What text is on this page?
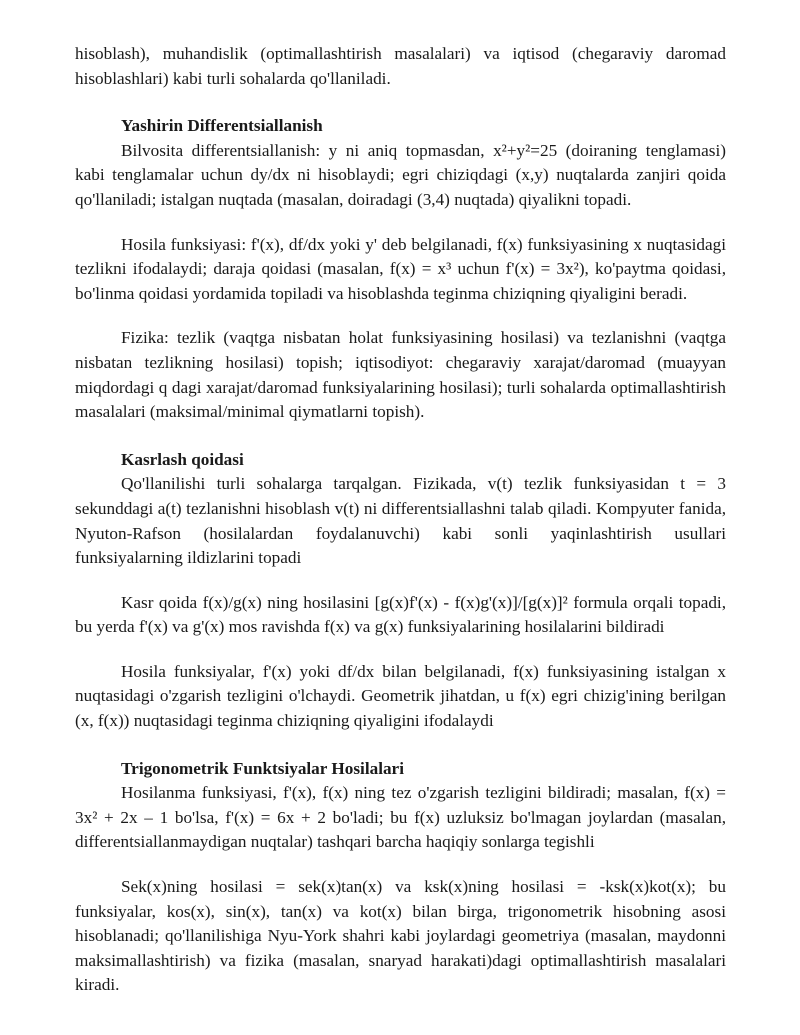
hisoblash), muhandislik (optimallashtirish masalalari) va iqtisod (chegaraviy daromad hisoblashlari) kabi turli sohalarda qo'llaniladi.

Yashirin Differentsiallanish

Bilvosita differentsiallanish: y ni aniq topmasdan, x²+y²=25 (doiraning tenglamasi) kabi tenglamalar uchun dy/dx ni hisoblaydi; egri chiziqdagi (x,y) nuqtalarda zanjiri qoida qo'llaniladi; istalgan nuqtada (masalan, doiradagi (3,4) nuqtada) qiyalikni topadi.

Hosila funksiyasi: f'(x), df/dx yoki y' deb belgilanadi, f(x) funksiyasining x nuqtasidagi tezlikni ifodalaydi; daraja qoidasi (masalan, f(x) = x³ uchun f'(x) = 3x²), ko'paytma qoidasi, bo'linma qoidasi yordamida topiladi va hisoblashda teginma chiziqning qiyaligini beradi.

Fizika: tezlik (vaqtga nisbatan holat funksiyasining hosilasi) va tezlanishni (vaqtga nisbatan tezlikning hosilasi) topish; iqtisodiyot: chegaraviy xarajat/daromad (muayyan miqdordagi q dagi xarajat/daromad funksiyalarining hosilasi); turli sohalarda optimallashtirish masalalari (maksimal/minimal qiymatlarni topish).

Kasrlash qoidasi

Qo'llanilishi turli sohalarga tarqalgan. Fizikada, v(t) tezlik funksiyasidan t = 3 sekunddagi a(t) tezlanishni hisoblash v(t) ni differentsiallashni talab qiladi. Kompyuter fanida, Nyuton-Rafson (hosilalardan foydalanuvchi) kabi sonli yaqinlashtirish usullari funksiyalarning ildizlarini topadi

Kasr qoida f(x)/g(x) ning hosilasini [g(x)f'(x) - f(x)g'(x)]/[g(x)]² formula orqali topadi, bu yerda f'(x) va g'(x) mos ravishda f(x) va g(x) funksiyalarining hosilalarini bildiradi

Hosila funksiyalar, f'(x) yoki df/dx bilan belgilanadi, f(x) funksiyasining istalgan x nuqtasidagi o'zgarish tezligini o'lchaydi. Geometrik jihatdan, u f(x) egri chizig'ining berilgan (x, f(x)) nuqtasidagi teginma chiziqning qiyaligini ifodalaydi

Trigonometrik Funktsiyalar Hosilalari

Hosilanma funksiyasi, f'(x), f(x) ning tez o'zgarish tezligini bildiradi; masalan, f(x) = 3x² + 2x – 1 bo'lsa, f'(x) = 6x + 2 bo'ladi; bu f(x) uzluksiz bo'lmagan joylardan (masalan, differentsiallanmaydigan nuqtalar) tashqari barcha haqiqiy sonlarga tegishli

Sek(x)ning hosilasi = sek(x)tan(x) va ksk(x)ning hosilasi = -ksk(x)kot(x); bu funksiyalar, kos(x), sin(x), tan(x) va kot(x) bilan birga, trigonometrik hisobning asosi hisoblanadi; qo'llanilishiga Nyu-York shahri kabi joylardagi geometriya (masalan, maydonni maksimallashtirish) va fizika (masalan, snaryad harakati)dagi optimallashtirish masalalari kiradi.
